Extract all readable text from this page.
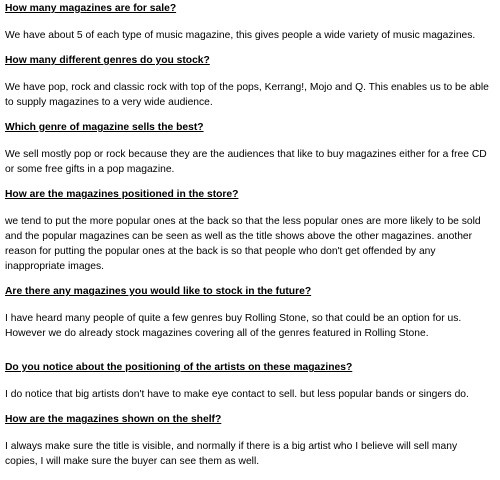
How many magazines are for sale?

We have about 5 of each type of music magazine, this gives people a wide variety of music magazines.

How many different genres do you stock?

We have pop, rock and classic rock with top of the pops, Kerrang!, Mojo and Q. This enables us to be able to supply magazines to a very wide audience.

Which genre of magazine sells the best?

We sell mostly pop or rock because they are the audiences that like to buy magazines either for a free CD or some free gifts in a pop magazine.

How are the magazines positioned in the store?

we tend to put the more popular ones at the back so that the less popular ones are more likely to be sold and the popular magazines can be seen as well as the title shows above the other magazines. another reason for putting the popular ones at the back is so that people who don't get offended by any inappropriate images.

Are there any magazines you would like to stock in the future?

I have heard many people of quite a few genres buy Rolling Stone, so that could be an option for us. However we do already stock magazines covering all of the genres featured in Rolling Stone.

Do you notice about the positioning of the artists on these magazines?

I do notice that big artists don't have to make eye contact to sell. but less popular bands or singers do.

How are the magazines shown on the shelf?

I always make sure the title is visible, and normally if there is a big artist who I believe will sell many copies, I will make sure the buyer can see them as well.
